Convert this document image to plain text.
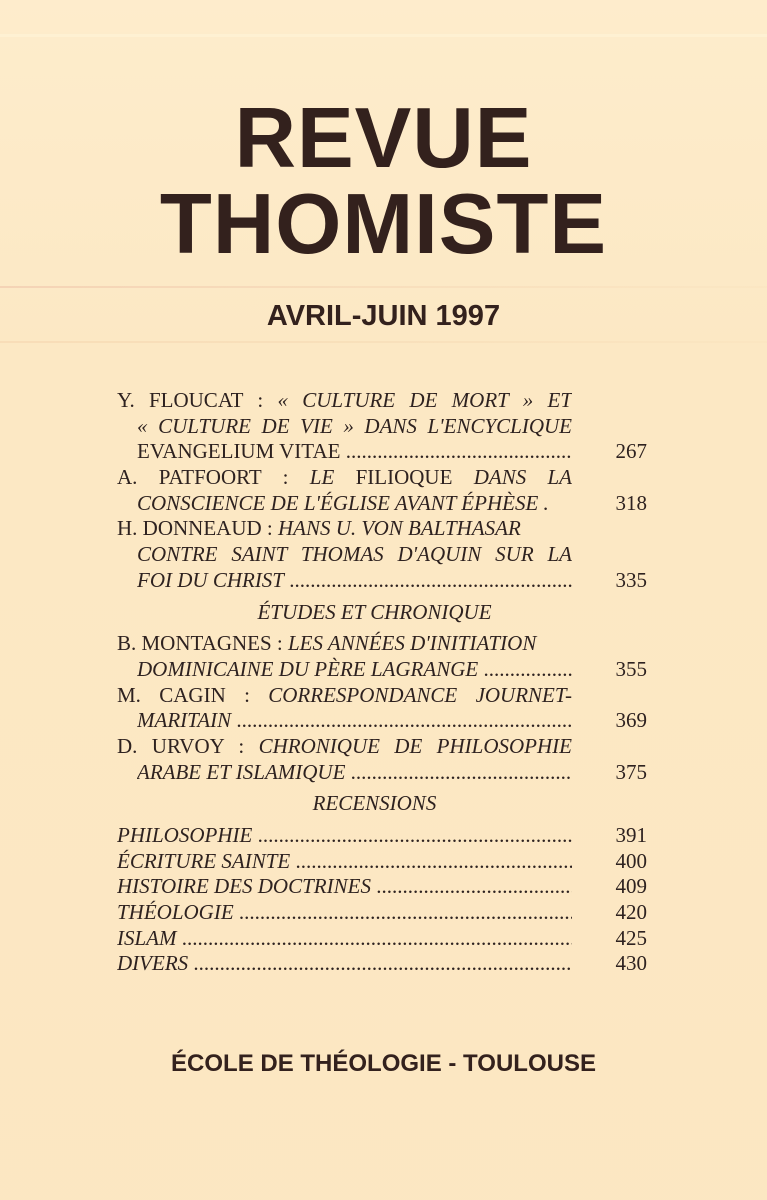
REVUE
THOMISTE
AVRIL-JUIN 1997
Y. FLOUCAT : « CULTURE DE MORT » ET
« CULTURE DE VIE » DANS L'ENCYCLIQUE
EVANGELIUM VITAE .....	267
A. PATFOORT : LE FILIOQUE DANS LA
CONSCIENCE DE L'ÉGLISE AVANT ÉPHÈSE .	318
H. DONNEAUD : HANS U. VON BALTHASAR
CONTRE SAINT THOMAS D'AQUIN SUR LA
FOI DU CHRIST .....	335
ÉTUDES ET CHRONIQUE
B. MONTAGNES : LES ANNÉES D'INITIATION
DOMINICAINE DU PÈRE LAGRANGE .....	355
M. CAGIN : CORRESPONDANCE JOURNET-
MARITAIN .....	369
D. URVOY : CHRONIQUE DE PHILOSOPHIE
ARABE ET ISLAMIQUE .....	375
RECENSIONS
PHILOSOPHIE .....	391
ÉCRITURE SAINTE .....	400
HISTOIRE DES DOCTRINES .....	409
THÉOLOGIE .....	420
ISLAM .....	425
DIVERS .....	430
ÉCOLE DE THÉOLOGIE - TOULOUSE
